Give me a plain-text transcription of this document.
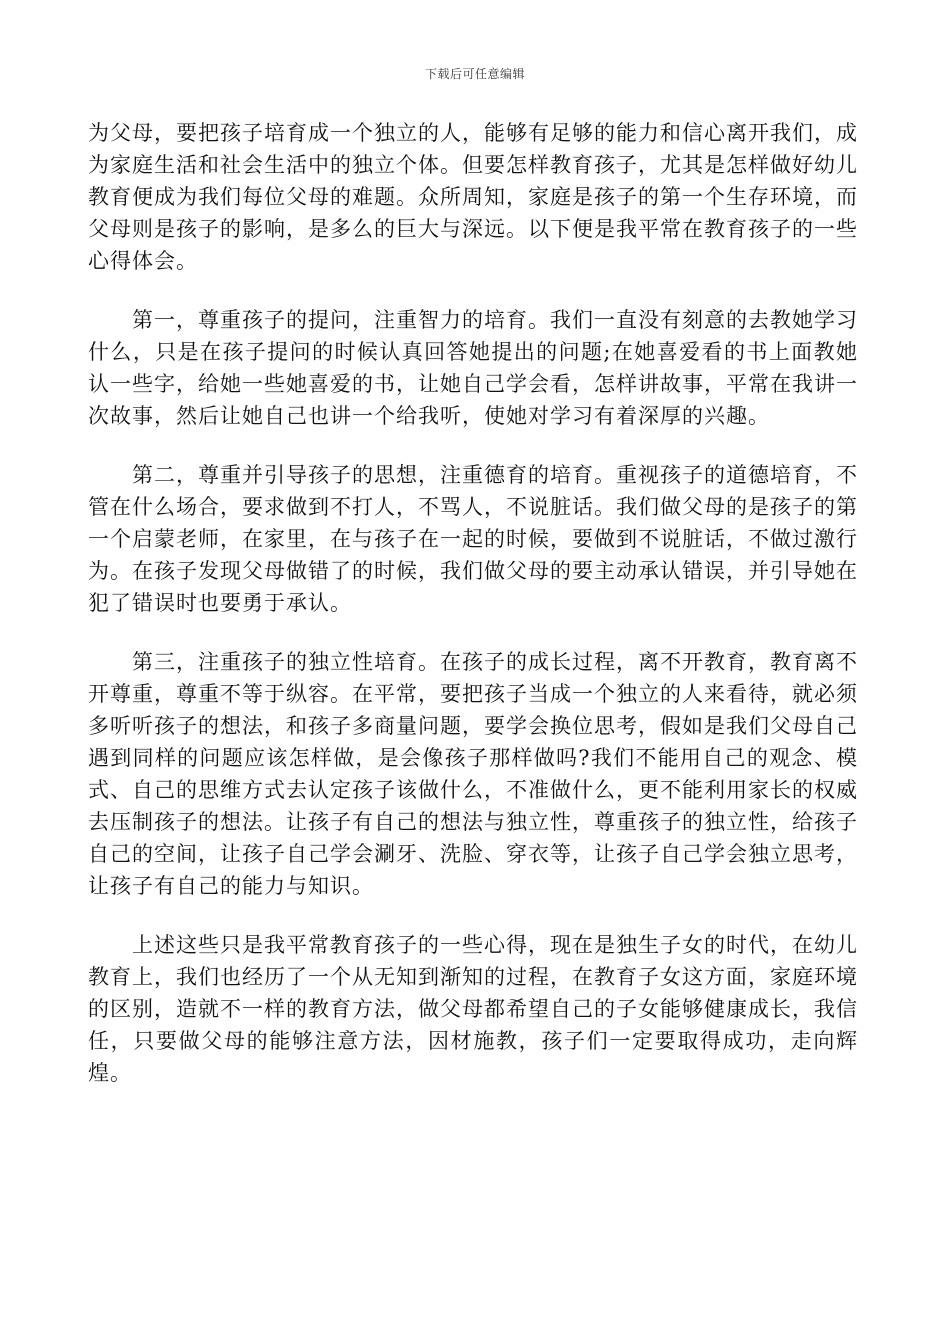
下载后可任意编辑

为父母，要把孩子培育成一个独立的人，能够有足够的能力和信心离开我们，成为家庭生活和社会生活中的独立个体。但要怎样教育孩子，尤其是怎样做好幼儿教育便成为我们每位父母的难题。众所周知，家庭是孩子的第一个生存环境，而父母则是孩子的影响，是多么的巨大与深远。以下便是我平常在教育孩子的一些心得体会。

第一，尊重孩子的提问，注重智力的培育。我们一直没有刻意的去教她学习什么，只是在孩子提问的时候认真回答她提出的问题;在她喜爱看的书上面教她认一些字，给她一些她喜爱的书，让她自己学会看，怎样讲故事，平常在我讲一次故事，然后让她自己也讲一个给我听，使她对学习有着深厚的兴趣。

第二，尊重并引导孩子的思想，注重德育的培育。重视孩子的道德培育，不管在什么场合，要求做到不打人，不骂人，不说脏话。我们做父母的是孩子的第一个启蒙老师，在家里，在与孩子在一起的时候，要做到不说脏话，不做过激行为。在孩子发现父母做错了的时候，我们做父母的要主动承认错误，并引导她在犯了错误时也要勇于承认。

第三，注重孩子的独立性培育。在孩子的成长过程，离不开教育，教育离不开尊重，尊重不等于纵容。在平常，要把孩子当成一个独立的人来看待，就必须多听听孩子的想法，和孩子多商量问题，要学会换位思考，假如是我们父母自己遇到同样的问题应该怎样做，是会像孩子那样做吗?我们不能用自己的观念、模式、自己的思维方式去认定孩子该做什么，不准做什么，更不能利用家长的权威去压制孩子的想法。让孩子有自己的想法与独立性，尊重孩子的独立性，给孩子自己的空间，让孩子自己学会涮牙、洗脸、穿衣等，让孩子自己学会独立思考，让孩子有自己的能力与知识。

上述这些只是我平常教育孩子的一些心得，现在是独生子女的时代，在幼儿教育上，我们也经历了一个从无知到渐知的过程，在教育子女这方面，家庭环境的区别，造就不一样的教育方法，做父母都希望自己的子女能够健康成长，我信任，只要做父母的能够注意方法，因材施教，孩子们一定要取得成功，走向辉煌。
